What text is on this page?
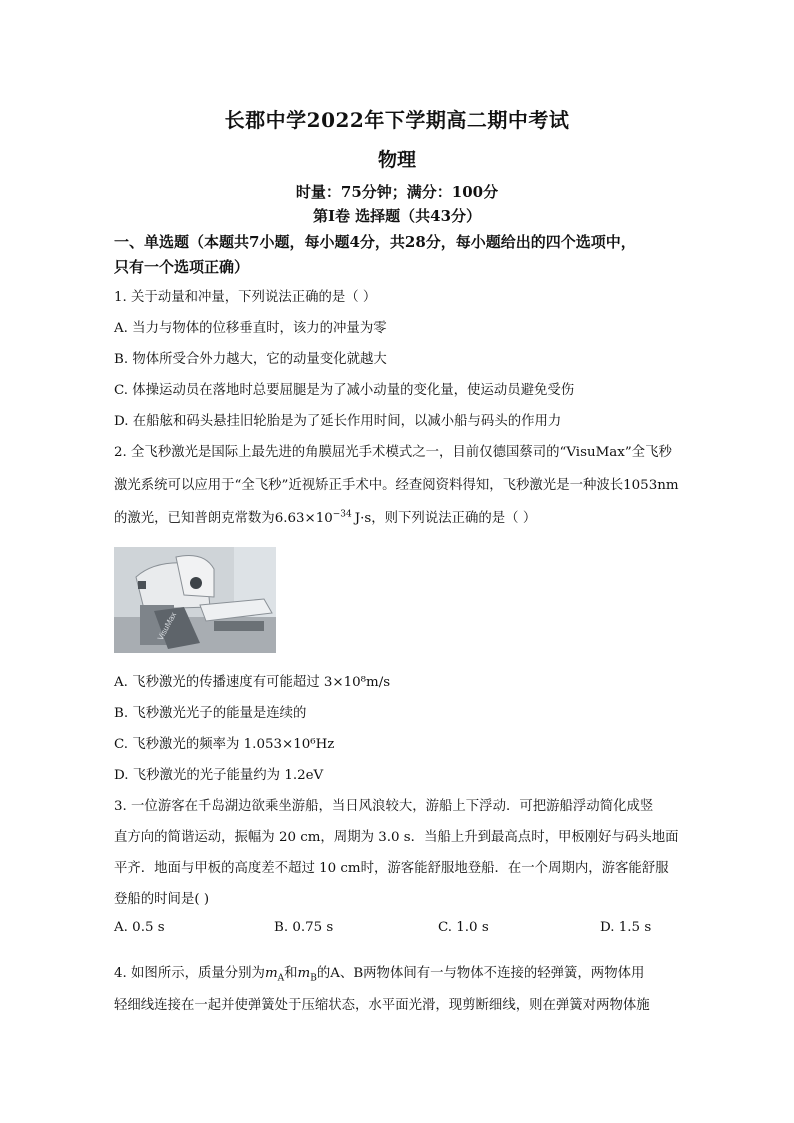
长郡中学2022年下学期高二期中考试
物理
时量：75分钟；满分：100分
第Ⅰ卷 选择题（共43分）
一、单选题（本题共7小题，每小题4分，共28分，每小题给出的四个选项中，
只有一个选项正确）
1. 关于动量和冲量，下列说法正确的是（ ）
A. 当力与物体的位移垂直时，该力的冲量为零
B. 物体所受合外力越大，它的动量变化就越大
C. 体操运动员在落地时总要屈腿是为了减小动量的变化量，使运动员避免受伤
D. 在船舷和码头悬挂旧轮胎是为了延长作用时间，以减小船与码头的作用力
2. 全飞秒激光是国际上最先进的角膜屈光手术模式之一，目前仅德国蔡司的“VisuMax”全飞秒
激光系统可以应用于“全飞秒”近视矫正手术中。经查阅资料得知，飞秒激光是一种波长1053nm
的激光，已知普朗克常数为$6.63\times 10^{-34}$ J·s，则下列说法正确的是（ ）
VisuMax
A. 飞秒激光的传播速度有可能超过 3×10⁸m/s
B. 飞秒激光光子的能量是连续的
C. 飞秒激光的频率为 1.053×10⁶Hz
D. 飞秒激光的光子能量约为 1.2eV
3. 一位游客在千岛湖边欲乘坐游船，当日风浪较大，游船上下浮动．可把游船浮动简化成竖
直方向的简谐运动，振幅为 20 cm，周期为 3.0 s．当船上升到最高点时，甲板刚好与码头地面
平齐．地面与甲板的高度差不超过 10 cm时，游客能舒服地登船．在一个周期内，游客能舒服
登船的时间是( )
A. 0.5 s	B. 0.75 s	C. 1.0 s	D. 1.5 s
4. 如图所示，质量分别为$m_A$和$m_B$的A、B两物体间有一与物体不连接的轻弹簧，两物体用
轻细线连接在一起并使弹簧处于压缩状态，水平面光滑，现剪断细线，则在弹簧对两物体施
